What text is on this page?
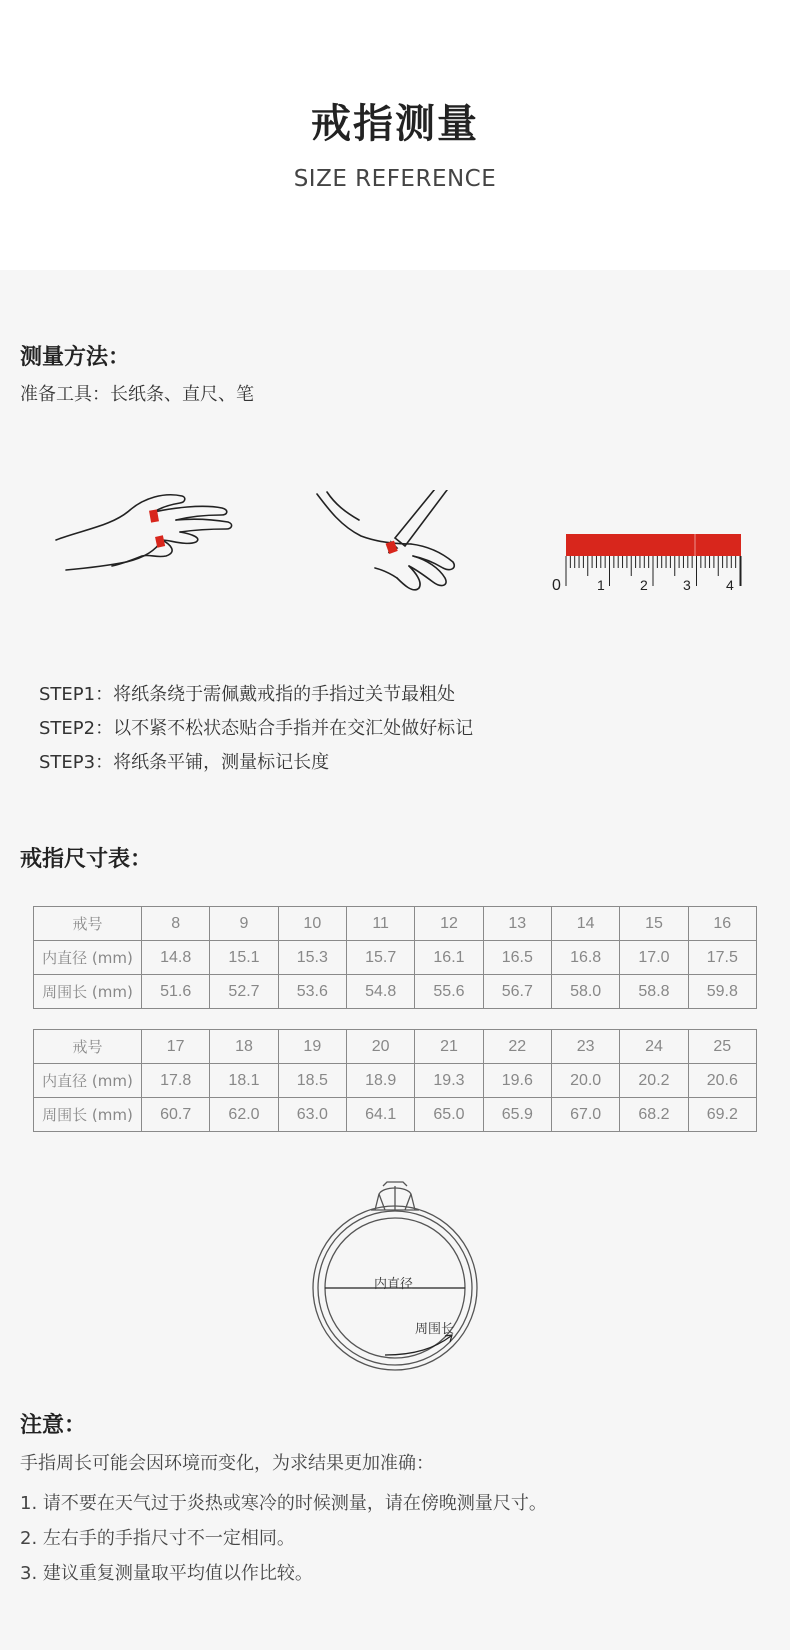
戒指测量
SIZE REFERENCE
测量方法：
准备工具：长纸条、直尺、笔
0	1	2	3	4
STEP1：将纸条绕于需佩戴戒指的手指过关节最粗处
STEP2：以不紧不松状态贴合手指并在交汇处做好标记
STEP3：将纸条平铺，测量标记长度
戒指尺寸表：
戒号	8	9	10	11	12	13	14	15	16
内直径 (mm)	14.8	15.1	15.3	15.7	16.1	16.5	16.8	17.0	17.5
周围长 (mm)	51.6	52.7	53.6	54.8	55.6	56.7	58.0	58.8	59.8
戒号	17	18	19	20	21	22	23	24	25
内直径 (mm)	17.8	18.1	18.5	18.9	19.3	19.6	20.0	20.2	20.6
周围长 (mm)	60.7	62.0	63.0	64.1	65.0	65.9	67.0	68.2	69.2
内直径
周围长
注意：
手指周长可能会因环境而变化，为求结果更加准确：
1. 请不要在天气过于炎热或寒冷的时候测量，请在傍晚测量尺寸。
2. 左右手的手指尺寸不一定相同。
3. 建议重复测量取平均值以作比较。
